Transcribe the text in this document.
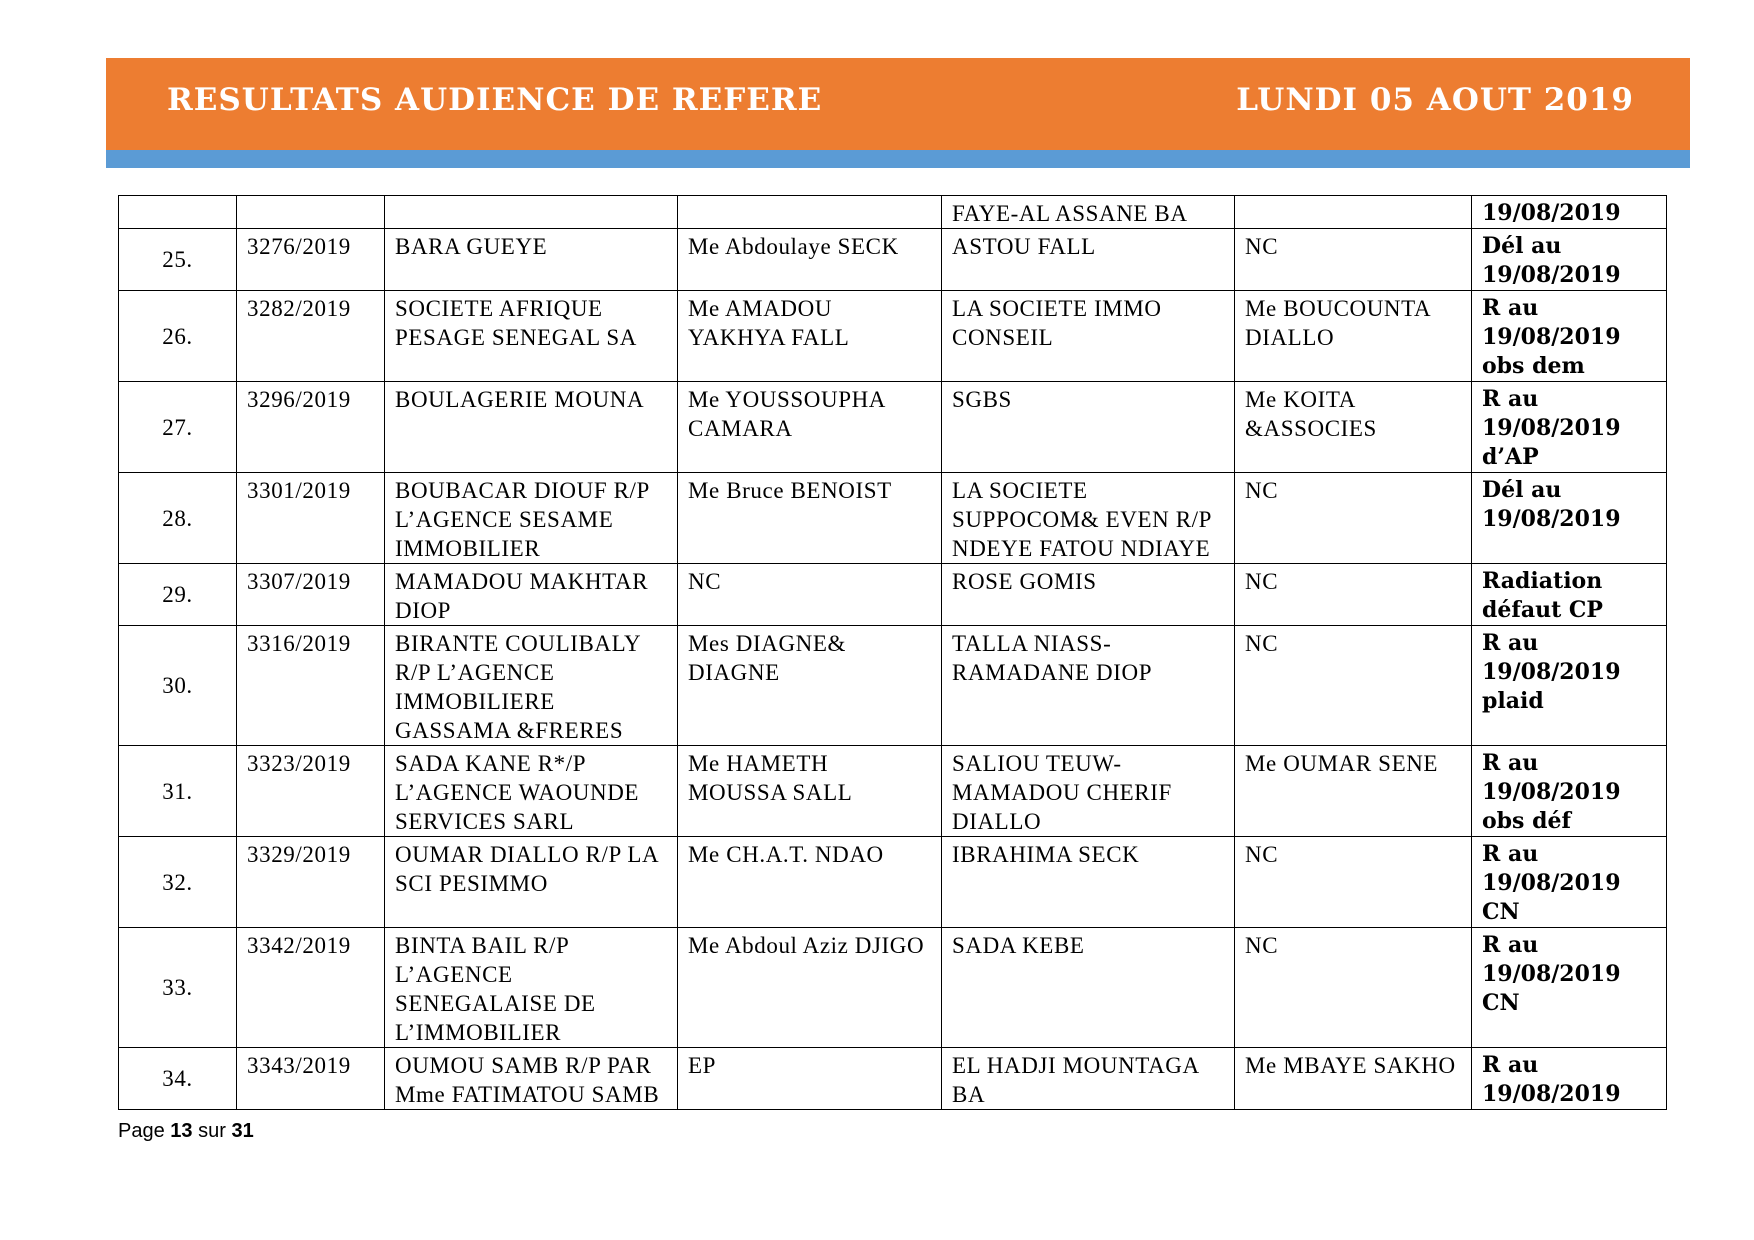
RESULTATS AUDIENCE DE REFERE	LUNDI 05 AOUT 2019
				FAYE-AL ASSANE BA		19/08/2019
25.	3276/2019	BARA GUEYE	Me Abdoulaye SECK	ASTOU FALL	NC	Dél au 19/08/2019
26.	3282/2019	SOCIETE AFRIQUE PESAGE SENEGAL SA	Me AMADOU YAKHYA FALL	LA SOCIETE IMMO CONSEIL	Me BOUCOUNTA DIALLO	R au 19/08/2019 obs dem
27.	3296/2019	BOULAGERIE MOUNA	Me YOUSSOUPHA CAMARA	SGBS	Me KOITA &ASSOCIES	R au 19/08/2019 d’AP
28.	3301/2019	BOUBACAR DIOUF R/P L’AGENCE SESAME IMMOBILIER	Me Bruce BENOIST	LA SOCIETE SUPPOCOM& EVEN R/P NDEYE FATOU NDIAYE	NC	Dél au 19/08/2019
29.	3307/2019	MAMADOU MAKHTAR DIOP	NC	ROSE GOMIS	NC	Radiation défaut CP
30.	3316/2019	BIRANTE COULIBALY R/P L’AGENCE IMMOBILIERE GASSAMA &FRERES	Mes DIAGNE& DIAGNE	TALLA NIASS-RAMADANE DIOP	NC	R au 19/08/2019 plaid
31.	3323/2019	SADA KANE R*/P L’AGENCE WAOUNDE SERVICES SARL	Me HAMETH MOUSSA SALL	SALIOU TEUW-MAMADOU CHERIF DIALLO	Me OUMAR SENE	R au 19/08/2019 obs déf
32.	3329/2019	OUMAR DIALLO R/P LA SCI PESIMMO	Me CH.A.T. NDAO	IBRAHIMA SECK	NC	R au 19/08/2019 CN
33.	3342/2019	BINTA BAIL R/P L’AGENCE SENEGALAISE DE L’IMMOBILIER	Me Abdoul Aziz DJIGO	SADA KEBE	NC	R au 19/08/2019 CN
34.	3343/2019	OUMOU SAMB R/P PAR Mme FATIMATOU SAMB	EP	EL HADJI MOUNTAGA BA	Me MBAYE SAKHO	R au 19/08/2019
Page 13 sur 31
